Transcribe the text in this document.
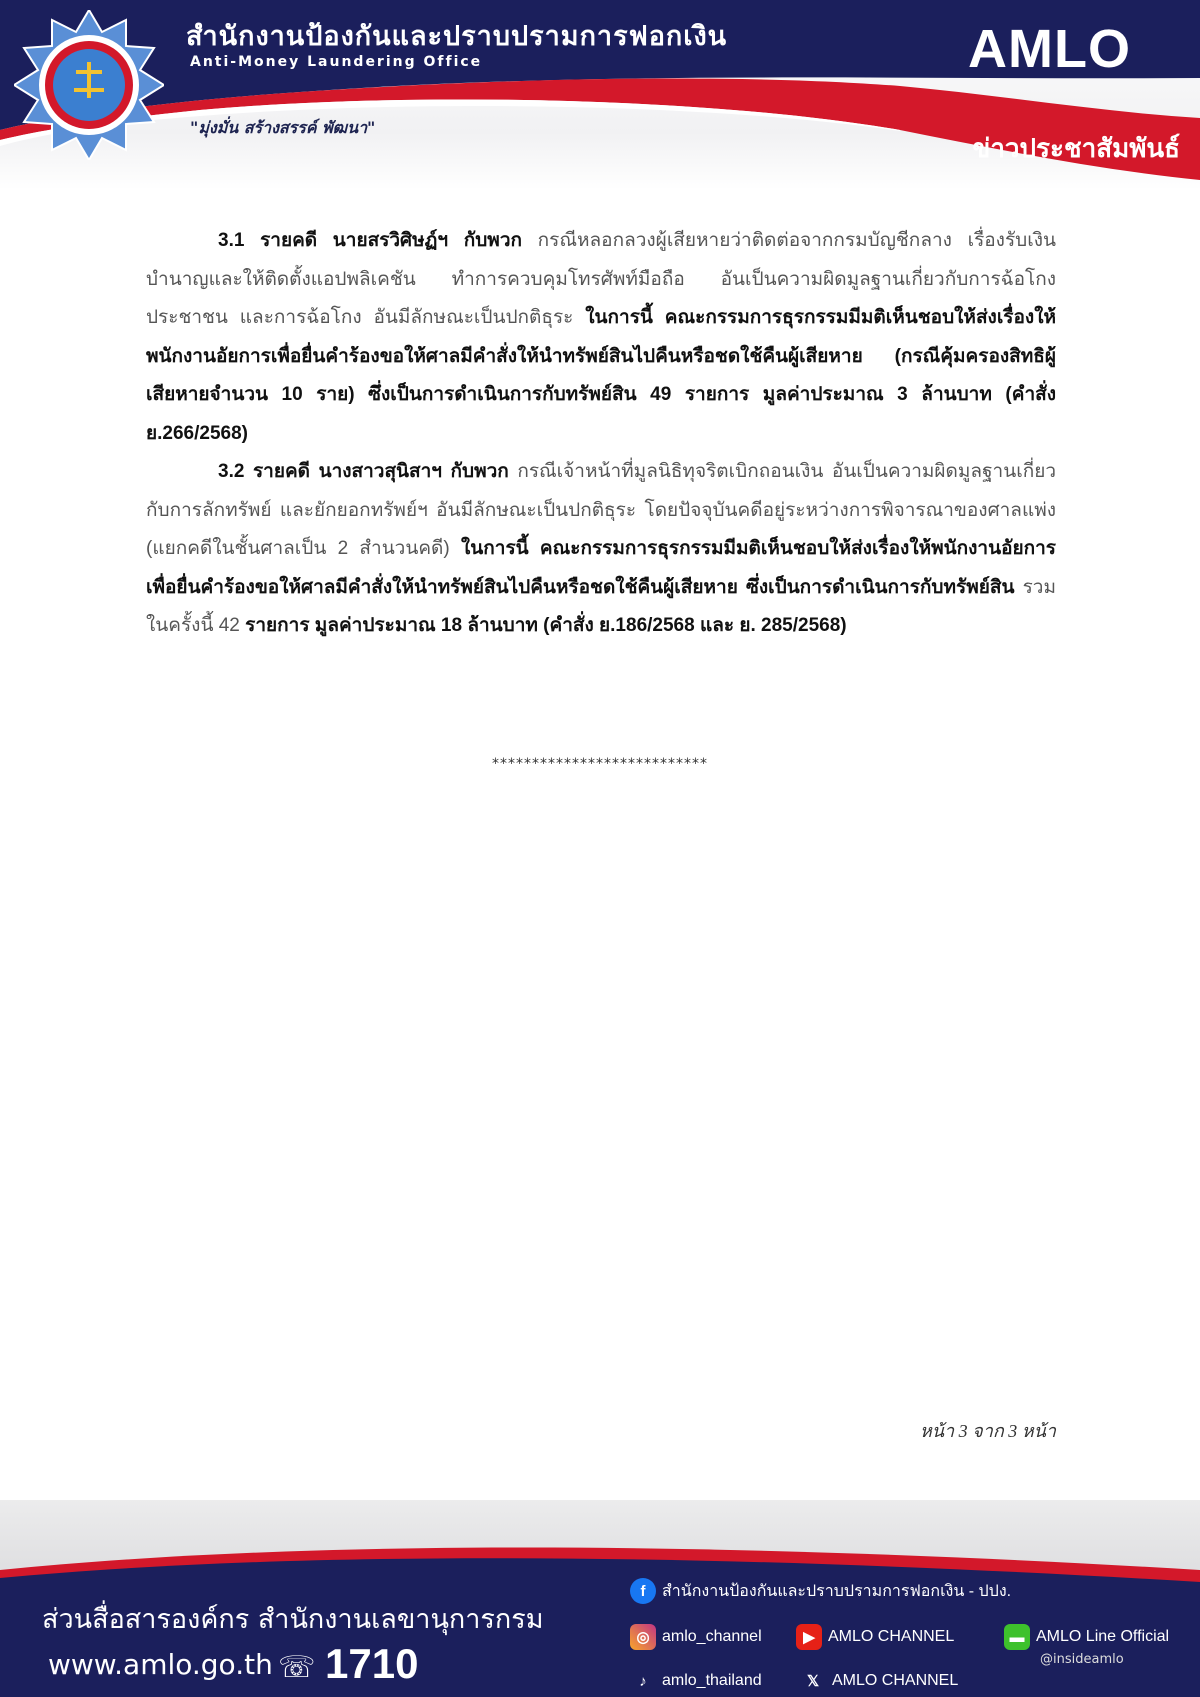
สำนักงานป้องกันและปราบปรามการฟอกเงิน
Anti-Money Laundering Office
"มุ่งมั่น สร้างสรรค์ พัฒนา"
AMLO
ข่าวประชาสัมพันธ์

3.1 รายคดี นายสรวิศิษฏ์ฯ กับพวก กรณีหลอกลวงผู้เสียหายว่าติดต่อจากกรมบัญชีกลาง เรื่องรับเงินบำนาญและให้ติดตั้งแอปพลิเคชัน ทำการควบคุมโทรศัพท์มือถือ อันเป็นความผิดมูลฐานเกี่ยวกับการฉ้อโกงประชาชน และการฉ้อโกง อันมีลักษณะเป็นปกติธุระ ในการนี้ คณะกรรมการธุรกรรมมีมติเห็นชอบให้ส่งเรื่องให้พนักงานอัยการเพื่อยื่นคำร้องขอให้ศาลมีคำสั่งให้นำทรัพย์สินไปคืนหรือชดใช้คืนผู้เสียหาย (กรณีคุ้มครองสิทธิผู้เสียหายจำนวน 10 ราย) ซึ่งเป็นการดำเนินการกับทรัพย์สิน 49 รายการ มูลค่าประมาณ 3 ล้านบาท (คำสั่ง ย.266/2568)

3.2 รายคดี นางสาวสุนิสาฯ กับพวก กรณีเจ้าหน้าที่มูลนิธิทุจริตเบิกถอนเงิน อันเป็นความผิดมูลฐานเกี่ยวกับการลักทรัพย์ และยักยอกทรัพย์ฯ อันมีลักษณะเป็นปกติธุระ โดยปัจจุบันคดีอยู่ระหว่างการพิจารณาของศาลแพ่ง (แยกคดีในชั้นศาลเป็น 2 สำนวนคดี) ในการนี้ คณะกรรมการธุรกรรมมีมติเห็นชอบให้ส่งเรื่องให้พนักงานอัยการเพื่อยื่นคำร้องขอให้ศาลมีคำสั่งให้นำทรัพย์สินไปคืนหรือชดใช้คืนผู้เสียหาย ซึ่งเป็นการดำเนินการกับทรัพย์สิน รวมในครั้งนี้ 42 รายการ มูลค่าประมาณ 18 ล้านบาท (คำสั่ง ย.186/2568 และ ย. 285/2568)

***************************
หน้า 3 จาก 3 หน้า
ส่วนสื่อสารองค์กร สำนักงานเลขานุการกรม
www.amlo.go.th ☏ 1710
f	สำนักงานป้องกันและปราบปรามการฟอกเงิน - ปปง.
◎ amlo_channel	▶ AMLO CHANNEL	▬ AMLO Line Official
@insideamlo
♪ amlo_thailand	𝕏 AMLO CHANNEL
